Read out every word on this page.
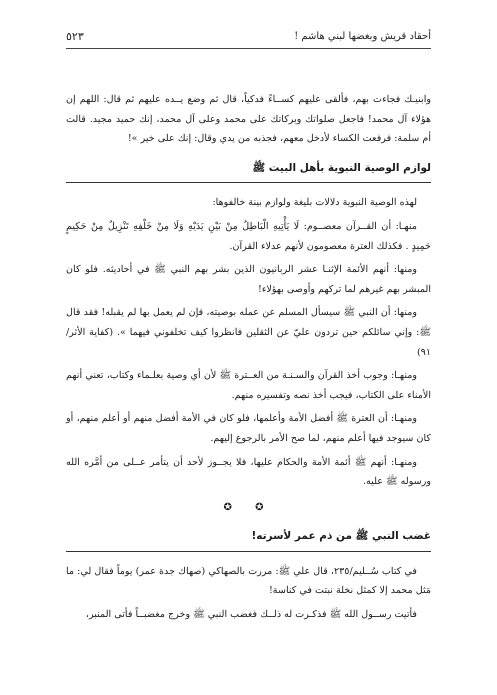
أحقاد قريش وبغضها لبني هاشم !
٥٢٣

وابنيـك فجاءت بهم، فألقى عليهم كســاءً فدكياً، قال ثم وضع يــده عليهم ثم قال: اللهم إن هؤلاء آل محمد! فاجعل صلواتك وبركاتك على محمد وعلى آل محمد، إنك حميد مجيد. قالت أم سلمة: فرفعت الكساء لأدخل معهم، فجذبه من يدي وقال: إنك على خير »!

لوازم الوصية النبوية بأهل البيت ﷺ

لهذه الوصية النبوية دلالات بليغة ولوازم بينة خالفوها:

منهـا: أن القــرآن معصــوم: لَا يَأْتِيهِ الْبَاطِلُ مِنْ بَيْنِ يَدَيْهِ وَلَا مِنْ خَلْفِهِ تَنْزِيلٌ مِنْ حَكِيمٍ حَمِيدٍ . فكذلك العترة معصومون لأنهم عدلاء القرآن.

ومنها: أنهم الأئمة الإثنـا عشر الربانيون الذين بشر بهم النبي ﷺ في أحاديثه. فلو كان المبشر بهم غيرهم لما تركهم وأوصى بهؤلاء!

ومنها: أن النبي ﷺ سيسأل المسلم عن عمله بوصيته، فإن لم يعمل بها لم يقبله! فقد قال ﷺ: وإني سائلكم حين تردون عليّ عن الثقلين فانظروا كيف تخلفوني فيهما ». (كفاية الأثر/٩١)

ومنهـا: وجوب أخذ القرآن والسـنـة من العــترة ﷺ لأن أي وصية بعلـماء وكتاب، تعني أنهم الأمناء على الكتاب، فيجب أخذ نصه وتفسيره منهم.

ومنهـا: أن العترة ﷺ أفضل الأمة وأعلمها، فلو كان في الأمة أفضل منهم أو أعلم منهم، أو كان سيوجد فيها أعلم منهم، لما صح الأمر بالرجوع إليهم.

ومنهـا: أنهم ﷺ أئمة الأمة والحكام عليها، فلا يجــوز لأحد أن يتأمر عــلى من أمَّره الله ورسوله ﷺ عليه.

✪ ✪
غضب النبي ﷺ من ذم عمر لأسرته!

في كتاب سُــليم/٢٣٥، قال علي ﷺ: مررت بالصهاكي (صهاك جدة عمر) يوماً فقال لي: ما مَثل محمد إلا كمثل نخلة نبتت في كناسة!

فأتيت رســول الله ﷺ فذكـرت له ذلــك فغضب النبي ﷺ وخرج مغضبــاً فأتى المنبر،
